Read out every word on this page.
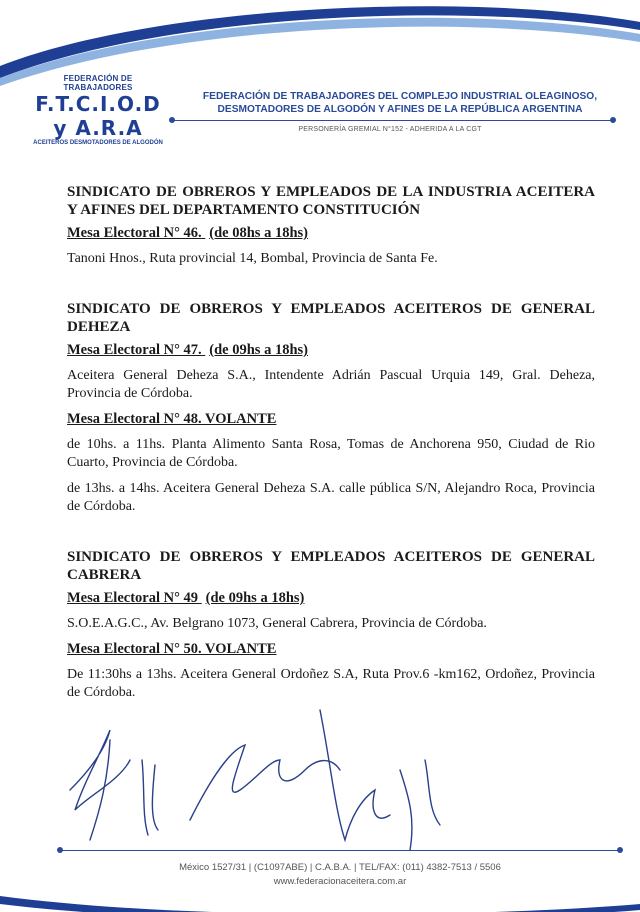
FEDERACIÓN DE TRABAJADORES
F.T.C.I.O.D y A.R.A
ACEITEROS DESMOTADORES DE ALGODÓN
FEDERACIÓN DE TRABAJADORES DEL COMPLEJO INDUSTRIAL OLEAGINOSO,
DESMOTADORES DE ALGODÓN Y AFINES DE LA REPÚBLICA ARGENTINA
PERSONERÍA GREMIAL N°152 - ADHERIDA A LA CGT

SINDICATO DE OBREROS Y EMPLEADOS DE LA INDUSTRIA ACEITERA Y AFINES DEL DEPARTAMENTO CONSTITUCIÓN

Mesa Electoral N° 46. (de 08hs a 18hs)

Tanoni Hnos., Ruta provincial 14, Bombal, Provincia de Santa Fe.

SINDICATO DE OBREROS Y EMPLEADOS ACEITEROS DE GENERAL DEHEZA

Mesa Electoral N° 47. (de 09hs a 18hs)

Aceitera General Deheza S.A., Intendente Adrián Pascual Urquia 149, Gral. Deheza, Provincia de Córdoba.

Mesa Electoral N° 48. VOLANTE

de 10hs. a 11hs. Planta Alimento Santa Rosa, Tomas de Anchorena 950, Ciudad de Rio Cuarto, Provincia de Córdoba.

de 13hs. a 14hs. Aceitera General Deheza S.A. calle pública S/N, Alejandro Roca, Provincia de Córdoba.

SINDICATO DE OBREROS Y EMPLEADOS ACEITEROS DE GENERAL CABRERA

Mesa Electoral N° 49 (de 09hs a 18hs)

S.O.E.A.G.C., Av. Belgrano 1073, General Cabrera, Provincia de Córdoba.

Mesa Electoral N° 50. VOLANTE

De 11:30hs a 13hs. Aceitera General Ordoñez S.A, Ruta Prov.6 -km162, Ordoñez, Provincia de Córdoba.

México 1527/31 | (C1097ABE) | C.A.B.A. | TEL/FAX: (011) 4382-7513 / 5506
www.federacionaceitera.com.ar
